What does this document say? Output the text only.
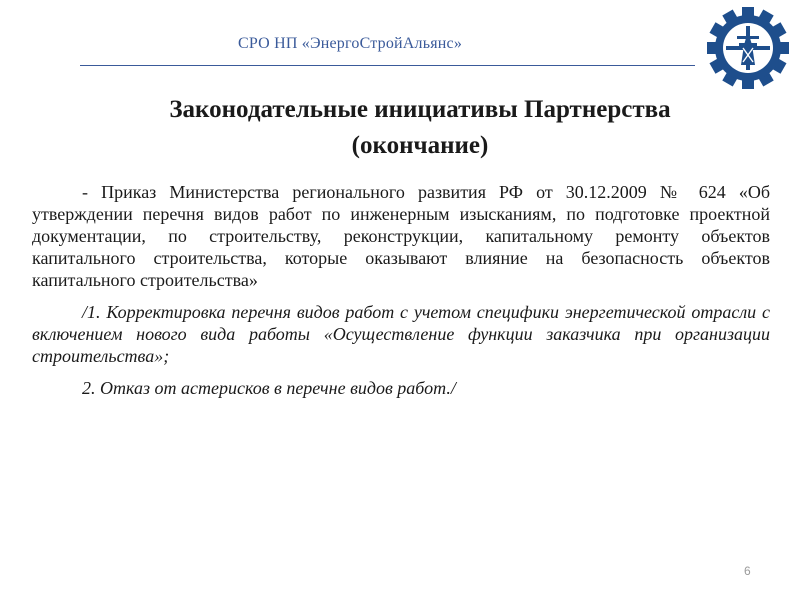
СРО НП «ЭнергоСтройАльянс»
Законодательные инициативы Партнерства
(окончание)

- Приказ Министерства регионального развития РФ от 30.12.2009 № 624 «Об утверждении перечня видов работ по инженерным изысканиям, по подготовке проектной документации, по строительству, реконструкции, капитальному ремонту объектов капитального строительства, которые оказывают влияние на безопасность объектов капитального строительства»

/1. Корректировка перечня видов работ с учетом специфики энергетической отрасли с включением нового вида работы «Осуществление функции заказчика при организации строительства»;

2. Отказ от астерисков в перечне видов работ./

6
